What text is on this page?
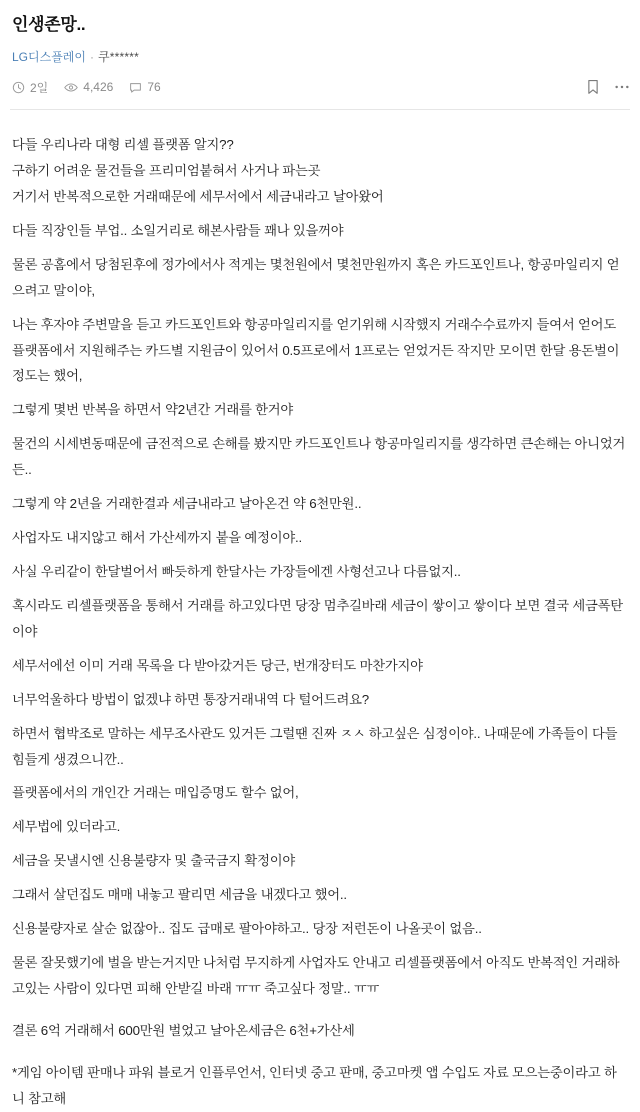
인생존망..
LG디스플레이 · 쿠******
2일	4,426	76

다들 우리나라 대형 리셀 플랫폼 알지??

구하기 어려운 물건들을 프리미엄붙혀서 사거나 파는곳

거기서 반복적으로한 거래때문에 세무서에서 세금내라고 날아왔어

다들 직장인들 부업.. 소일거리로 해본사람들 꽤나 있을꺼야

물론 공홈에서 당첨된후에 정가에서사 적게는 몇천원에서 몇천만원까지 혹은 카드포인트나, 항공마일리지 얻으려고 말이야,

나는 후자야 주변말을 듣고 카드포인트와 항공마일리지를 얻기위해 시작했지 거래수수료까지 들여서 얻어도 플랫폼에서 지원해주는 카드별 지원금이 있어서 0.5프로에서 1프로는 얻었거든 작지만 모이면 한달 용돈벌이정도는 했어,

그렇게 몇번 반복을 하면서 약2년간 거래를 한거야

물건의 시세변동때문에 금전적으로 손해를 봤지만 카드포인트나 항공마일리지를 생각하면 큰손해는 아니었거든..

그렇게 약 2년을 거래한결과 세금내라고 날아온건 약 6천만원..

사업자도 내지않고 해서 가산세까지 붙을 예정이야..

사실 우리같이 한달벌어서 빠듯하게 한달사는 가장들에겐 사형선고나 다름없지..

혹시라도 리셀플랫폼을 통해서 거래를 하고있다면 당장 멈추길바래 세금이 쌓이고 쌓이다 보면 결국 세금폭탄이야

세무서에선 이미 거래 목록을 다 받아갔거든 당근, 번개장터도 마찬가지야

너무억울하다 방법이 없겠냐 하면 통장거래내역 다 털어드려요?

하면서 협박조로 말하는 세무조사관도 있거든 그럴땐 진짜 ㅈㅅ 하고싶은 심정이야.. 나때문에 가족들이 다들 힘들게 생겼으니깐..

플랫폼에서의 개인간 거래는 매입증명도 할수 없어,

세무법에 있더라고.

세금을 못낼시엔 신용불량자 및 출국금지 확정이야

그래서 살던집도 매매 내놓고 팔리면 세금을 내겠다고 했어..

신용불량자로 살순 없잖아.. 집도 급매로 팔아야하고.. 당장 저런돈이 나올곳이 없음..

물론 잘못했기에 벌을 받는거지만 나처럼 무지하게 사업자도 안내고 리셀플랫폼에서 아직도 반복적인 거래하고있는 사람이 있다면 피해 안받길 바래 ㅠㅠ 죽고싶다 정말.. ㅠㅠ

결론 6억 거래해서 600만원 벌었고 날아온세금은 6천+가산세

*게임 아이템 판매나 파워 블로거 인플루언서, 인터넷 중고 판매, 중고마켓 앱 수입도 자료 모으는중이라고 하니 참고해
